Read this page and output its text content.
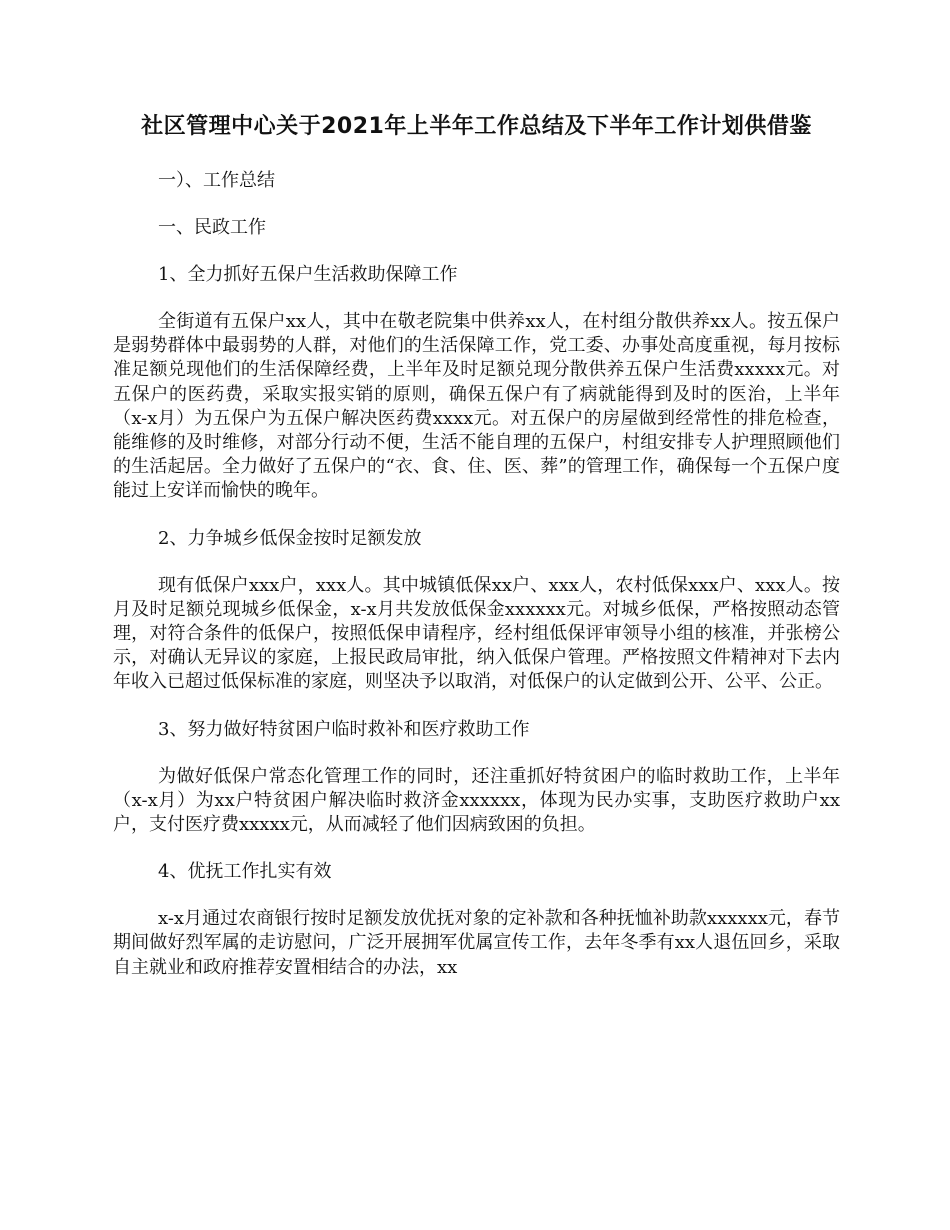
社区管理中心关于2021年上半年工作总结及下半年工作计划供借鉴

一）、工作总结

一、民政工作

1、全力抓好五保户生活救助保障工作

全街道有五保户xx人，其中在敬老院集中供养xx人，在村组分散供养xx人。按五保户是弱势群体中最弱势的人群，对他们的生活保障工作，党工委、办事处高度重视，每月按标准足额兑现他们的生活保障经费，上半年及时足额兑现分散供养五保户生活费xxxxx元。对五保户的医药费，采取实报实销的原则，确保五保户有了病就能得到及时的医治，上半年（x-x月）为五保户为五保户解决医药费xxxx元。对五保户的房屋做到经常性的排危检查，能维修的及时维修，对部分行动不便，生活不能自理的五保户，村组安排专人护理照顾他们的生活起居。全力做好了五保户的“衣、食、住、医、葬”的管理工作，确保每一个五保户度能过上安详而愉快的晚年。

2、力争城乡低保金按时足额发放

现有低保户xxx户，xxx人。其中城镇低保xx户、xxx人，农村低保xxx户、xxx人。按月及时足额兑现城乡低保金，x-x月共发放低保金xxxxxx元。对城乡低保，严格按照动态管理，对符合条件的低保户，按照低保申请程序，经村组低保评审领导小组的核准，并张榜公示，对确认无异议的家庭，上报民政局审批，纳入低保户管理。严格按照文件精神对下去内年收入已超过低保标准的家庭，则坚决予以取消，对低保户的认定做到公开、公平、公正。

3、努力做好特贫困户临时救补和医疗救助工作

为做好低保户常态化管理工作的同时，还注重抓好特贫困户的临时救助工作，上半年（x-x月）为xx户特贫困户解决临时救济金xxxxxx，体现为民办实事，支助医疗救助户xx户，支付医疗费xxxxx元，从而减轻了他们因病致困的负担。

4、优抚工作扎实有效

x-x月通过农商银行按时足额发放优抚对象的定补款和各种抚恤补助款xxxxxx元，春节期间做好烈军属的走访慰问，广泛开展拥军优属宣传工作，去年冬季有xx人退伍回乡，采取自主就业和政府推荐安置相结合的办法，xx
